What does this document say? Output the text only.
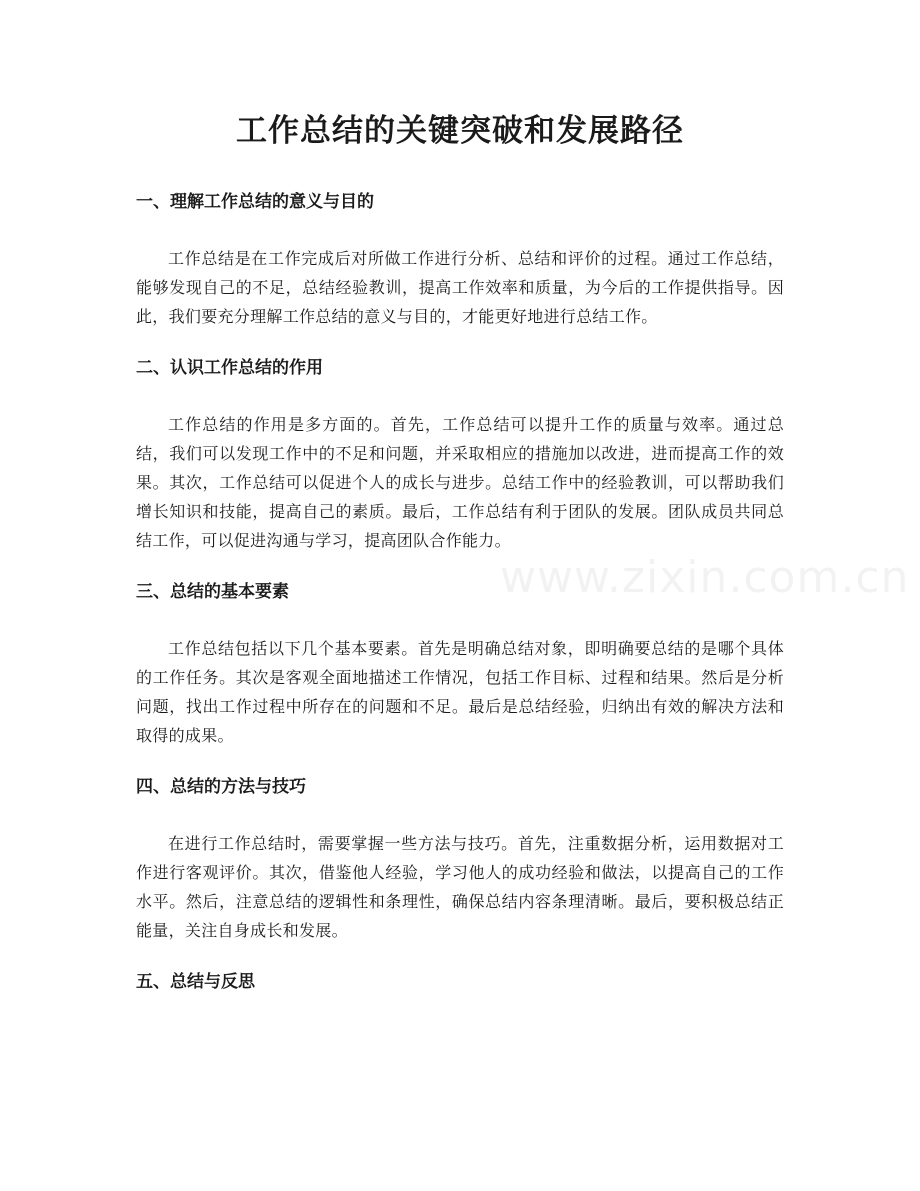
工作总结的关键突破和发展路径
www.zixin.com.cn
一、理解工作总结的意义与目的

工作总结是在工作完成后对所做工作进行分析、总结和评价的过程。通过工作总结，能够发现自己的不足，总结经验教训，提高工作效率和质量，为今后的工作提供指导。因此，我们要充分理解工作总结的意义与目的，才能更好地进行总结工作。

二、认识工作总结的作用

工作总结的作用是多方面的。首先，工作总结可以提升工作的质量与效率。通过总结，我们可以发现工作中的不足和问题，并采取相应的措施加以改进，进而提高工作的效果。其次，工作总结可以促进个人的成长与进步。总结工作中的经验教训，可以帮助我们增长知识和技能，提高自己的素质。最后，工作总结有利于团队的发展。团队成员共同总结工作，可以促进沟通与学习，提高团队合作能力。

三、总结的基本要素

工作总结包括以下几个基本要素。首先是明确总结对象，即明确要总结的是哪个具体的工作任务。其次是客观全面地描述工作情况，包括工作目标、过程和结果。然后是分析问题，找出工作过程中所存在的问题和不足。最后是总结经验，归纳出有效的解决方法和取得的成果。

四、总结的方法与技巧

在进行工作总结时，需要掌握一些方法与技巧。首先，注重数据分析，运用数据对工作进行客观评价。其次，借鉴他人经验，学习他人的成功经验和做法，以提高自己的工作水平。然后，注意总结的逻辑性和条理性，确保总结内容条理清晰。最后，要积极总结正能量，关注自身成长和发展。

五、总结与反思
